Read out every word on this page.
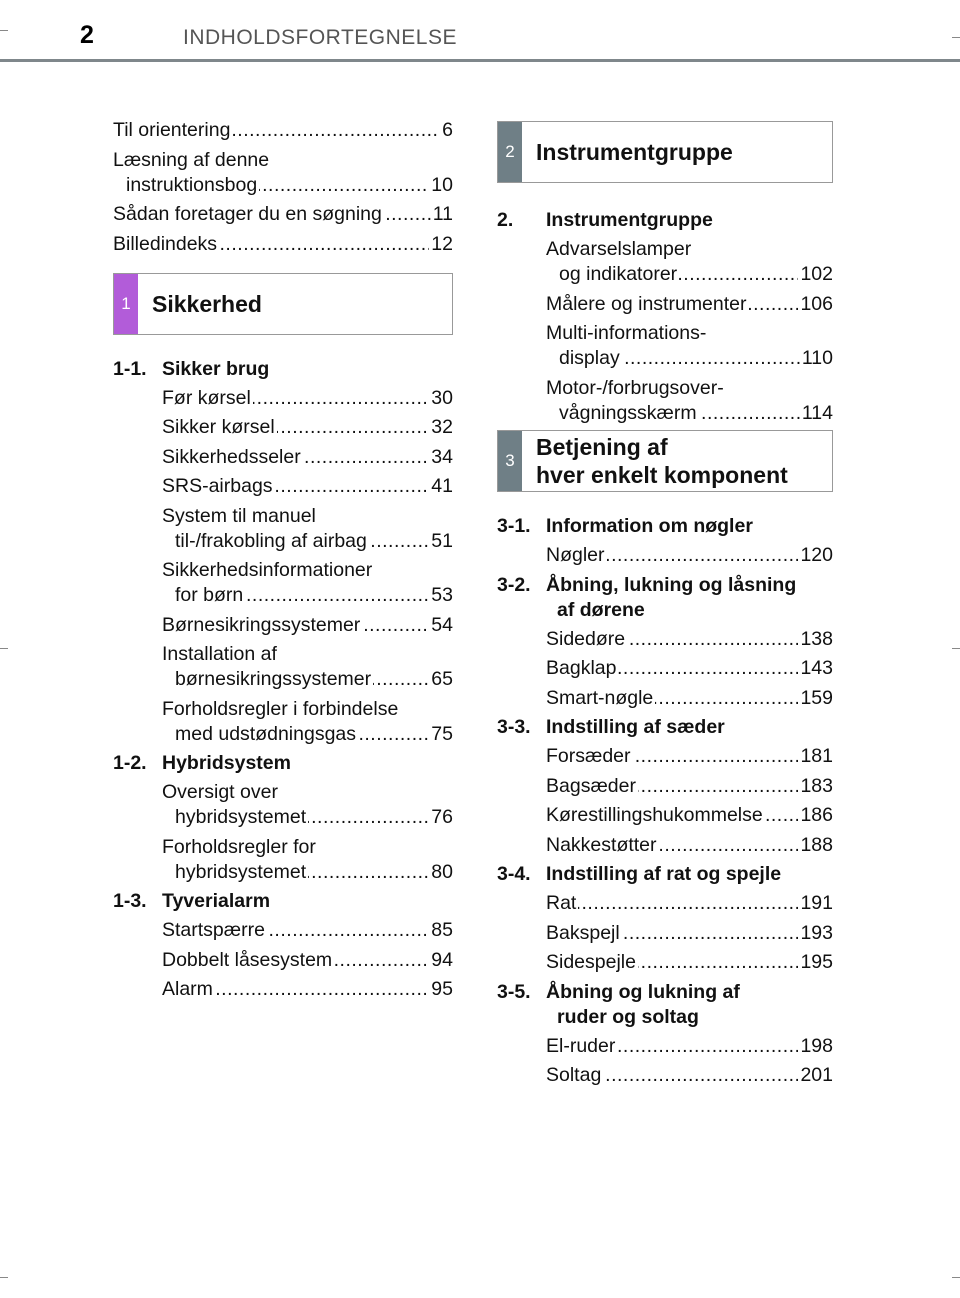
2	INDHOLDSFORTEGNELSE
Til orientering .....	6
Læsning af denne
instruktionsbog .....	10
Sådan foretager du en søgning .....	11
Billedindeks .....	12
1 Sikkerhed
1-1. Sikker brug
Før kørsel .....	30
Sikker kørsel .....	32
Sikkerhedsseler .....	34
SRS-airbags .....	41
System til manuel
til-/frakobling af airbag .....	51
Sikkerhedsinformationer
for børn .....	53
Børnesikringssystemer .....	54
Installation af
børnesikringssystemer .....	65
Forholdsregler i forbindelse
med udstødningsgas .....	75
1-2. Hybridsystem
Oversigt over
hybridsystemet .....	76
Forholdsregler for
hybridsystemet .....	80
1-3. Tyverialarm
Startspærre .....	85
Dobbelt låsesystem .....	94
Alarm .....	95
2 Instrumentgruppe
2.	Instrumentgruppe
Advarselslamper
og indikatorer .....	102
Målere og instrumenter .....	106
Multi-informations-
display .....	110
Motor-/forbrugsover-
vågningsskærm .....	114
3
Betjening af
hver enkelt komponent
3-1. Information om nøgler
Nøgler .....	120
3-2. Åbning, lukning og låsning
af dørene
Sidedøre .....	138
Bagklap .....	143
Smart-nøgle .....	159
3-3. Indstilling af sæder
Forsæder .....	181
Bagsæder .....	183
Kørestillingshukommelse .....	186
Nakkestøtter .....	188
3-4. Indstilling af rat og spejle
Rat .....	191
Bakspejl .....	193
Sidespejle .....	195
3-5. Åbning og lukning af
ruder og soltag
El-ruder .....	198
Soltag .....	201
